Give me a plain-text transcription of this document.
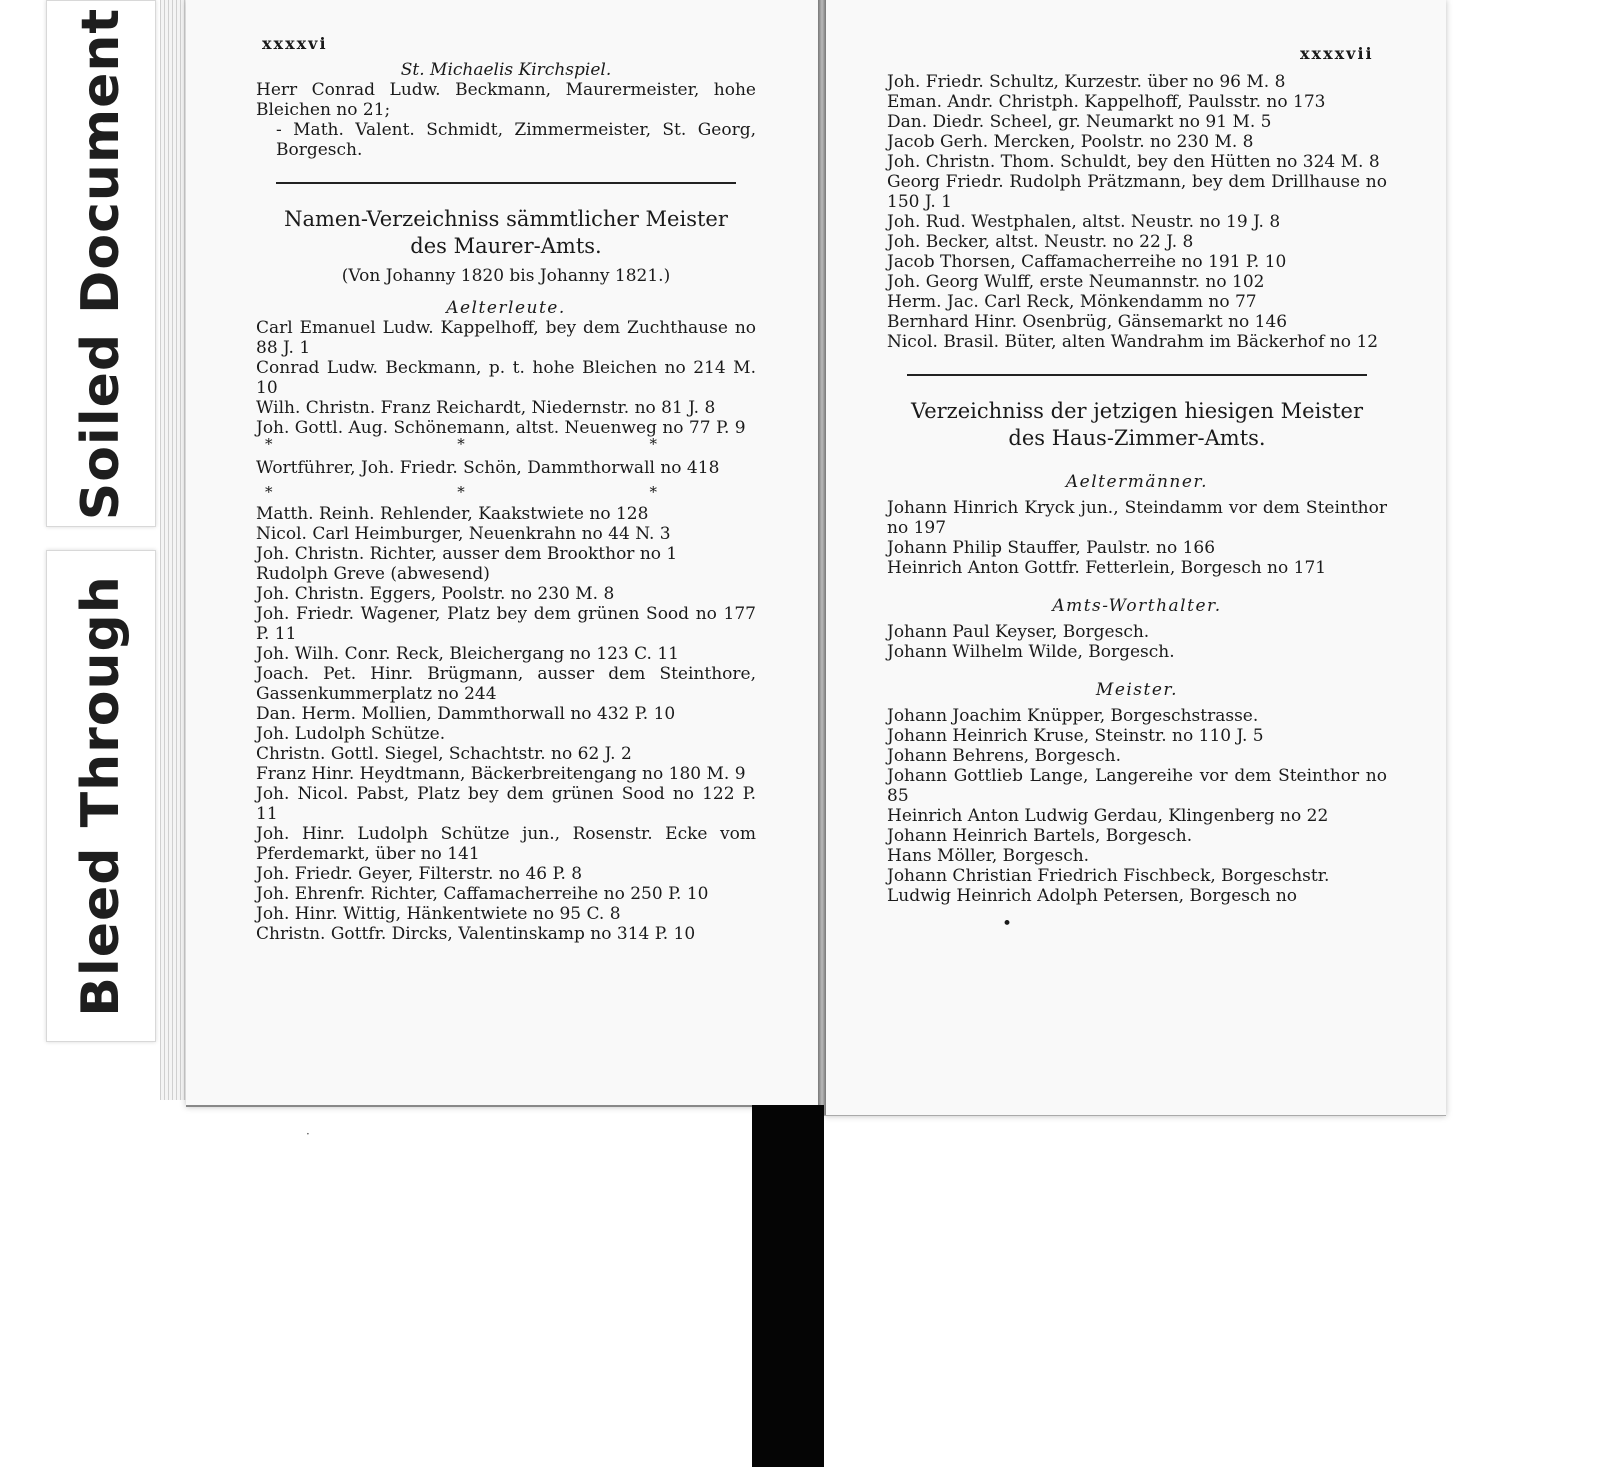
Soiled Document
Bleed Through
·
xxxxvi
xxxxvii
St. Michaelis Kirchspiel.
Herr Conrad Ludw. Beckmann, Maurermeister, hohe Bleichen no 21;
- Math. Valent. Schmidt, Zimmermeister, St. Georg, Borgesch.
Namen-Verzeichniss sämmtlicher Meister
des Maurer-Amts.
(Von Johanny 1820 bis Johanny 1821.)
Aelterleute.
Carl Emanuel Ludw. Kappelhoff, bey dem Zuchthause no 88 J. 1
Conrad Ludw. Beckmann, p. t. hohe Bleichen no 214 M. 10
Wilh. Christn. Franz Reichardt, Niedernstr. no 81 J. 8
Joh. Gottl. Aug. Schönemann, altst. Neuenweg no 77 P. 9
* * *
Wortführer, Joh. Friedr. Schön, Dammthorwall no 418
* * *
Matth. Reinh. Rehlender, Kaakstwiete no 128
Nicol. Carl Heimburger, Neuenkrahn no 44 N. 3
Joh. Christn. Richter, ausser dem Brookthor no 1
Rudolph Greve (abwesend)
Joh. Christn. Eggers, Poolstr. no 230 M. 8
Joh. Friedr. Wagener, Platz bey dem grünen Sood no 177 P. 11
Joh. Wilh. Conr. Reck, Bleichergang no 123 C. 11
Joach. Pet. Hinr. Brügmann, ausser dem Steinthore, Gassenkummerplatz no 244
Dan. Herm. Mollien, Dammthorwall no 432 P. 10
Joh. Ludolph Schütze.
Christn. Gottl. Siegel, Schachtstr. no 62 J. 2
Franz Hinr. Heydtmann, Bäckerbreitengang no 180 M. 9
Joh. Nicol. Pabst, Platz bey dem grünen Sood no 122 P. 11
Joh. Hinr. Ludolph Schütze jun., Rosenstr. Ecke vom Pferdemarkt, über no 141
Joh. Friedr. Geyer, Filterstr. no 46 P. 8
Joh. Ehrenfr. Richter, Caffamacherreihe no 250 P. 10
Joh. Hinr. Wittig, Hänkentwiete no 95 C. 8
Christn. Gottfr. Dircks, Valentinskamp no 314 P. 10
Joh. Friedr. Schultz, Kurzestr. über no 96 M. 8
Eman. Andr. Christph. Kappelhoff, Paulsstr. no 173
Dan. Diedr. Scheel, gr. Neumarkt no 91 M. 5
Jacob Gerh. Mercken, Poolstr. no 230 M. 8
Joh. Christn. Thom. Schuldt, bey den Hütten no 324 M. 8
Georg Friedr. Rudolph Prätzmann, bey dem Drillhause no 150 J. 1
Joh. Rud. Westphalen, altst. Neustr. no 19 J. 8
Joh. Becker, altst. Neustr. no 22 J. 8
Jacob Thorsen, Caffamacherreihe no 191 P. 10
Joh. Georg Wulff, erste Neumannstr. no 102
Herm. Jac. Carl Reck, Mönkendamm no 77
Bernhard Hinr. Osenbrüg, Gänsemarkt no 146
Nicol. Brasil. Büter, alten Wandrahm im Bäckerhof no 12
Verzeichniss der jetzigen hiesigen Meister
des Haus-Zimmer-Amts.
Aeltermänner.
Johann Hinrich Kryck jun., Steindamm vor dem Steinthor no 197
Johann Philip Stauffer, Paulstr. no 166
Heinrich Anton Gottfr. Fetterlein, Borgesch no 171
Amts-Worthalter.
Johann Paul Keyser, Borgesch.
Johann Wilhelm Wilde, Borgesch.
Meister.
Johann Joachim Knüpper, Borgeschstrasse.
Johann Heinrich Kruse, Steinstr. no 110 J. 5
Johann Behrens, Borgesch.
Johann Gottlieb Lange, Langereihe vor dem Steinthor no 85
Heinrich Anton Ludwig Gerdau, Klingenberg no 22
Johann Heinrich Bartels, Borgesch.
Hans Möller, Borgesch.
Johann Christian Friedrich Fischbeck, Borgeschstr.
Ludwig Heinrich Adolph Petersen, Borgesch no
•
